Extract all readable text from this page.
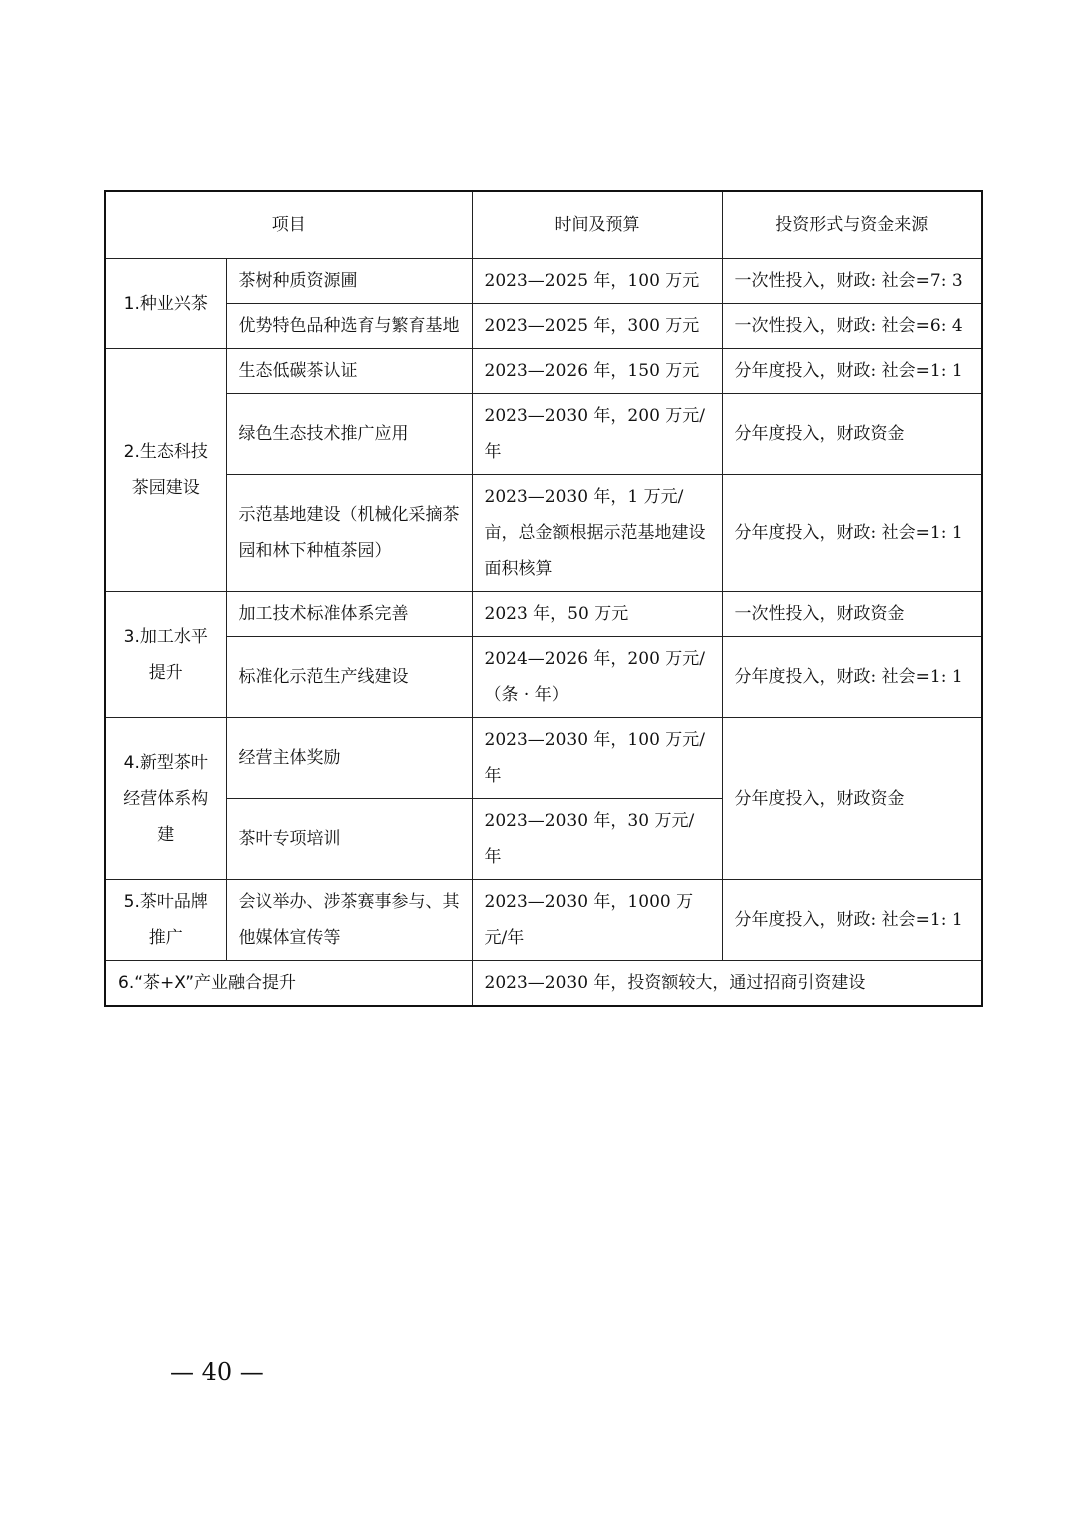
项目		时间及预算	投资形式与资金来源
1.种业兴茶	茶树种质资源圃	2023—2025 年，100 万元	一次性投入，财政: 社会=7: 3
	优势特色品种选育与繁育基地	2023—2025 年，300 万元	一次性投入，财政: 社会=6: 4
2.生态科技茶园建设	生态低碳茶认证	2023—2026 年，150 万元	分年度投入，财政: 社会=1: 1
	绿色生态技术推广应用	2023—2030 年，200 万元/年	分年度投入，财政资金
	示范基地建设（机械化采摘茶园和林下种植茶园）	2023—2030 年，1 万元/亩，总金额根据示范基地建设面积核算	分年度投入，财政: 社会=1: 1
3.加工水平提升	加工技术标准体系完善	2023 年，50 万元	一次性投入，财政资金
	标准化示范生产线建设	2024—2026 年，200 万元/（条 · 年）	分年度投入，财政: 社会=1: 1
4.新型茶叶经营体系构建	经营主体奖励	2023—2030 年，100 万元/年	分年度投入，财政资金
	茶叶专项培训	2023—2030 年，30 万元/年	
5.茶叶品牌推广	会议举办、涉茶赛事参与、其他媒体宣传等	2023—2030 年，1000 万元/年	分年度投入，财政: 社会=1: 1
6.“茶+X”产业融合提升		2023—2030 年，投资额较大，通过招商引资建设	
— 40 —
